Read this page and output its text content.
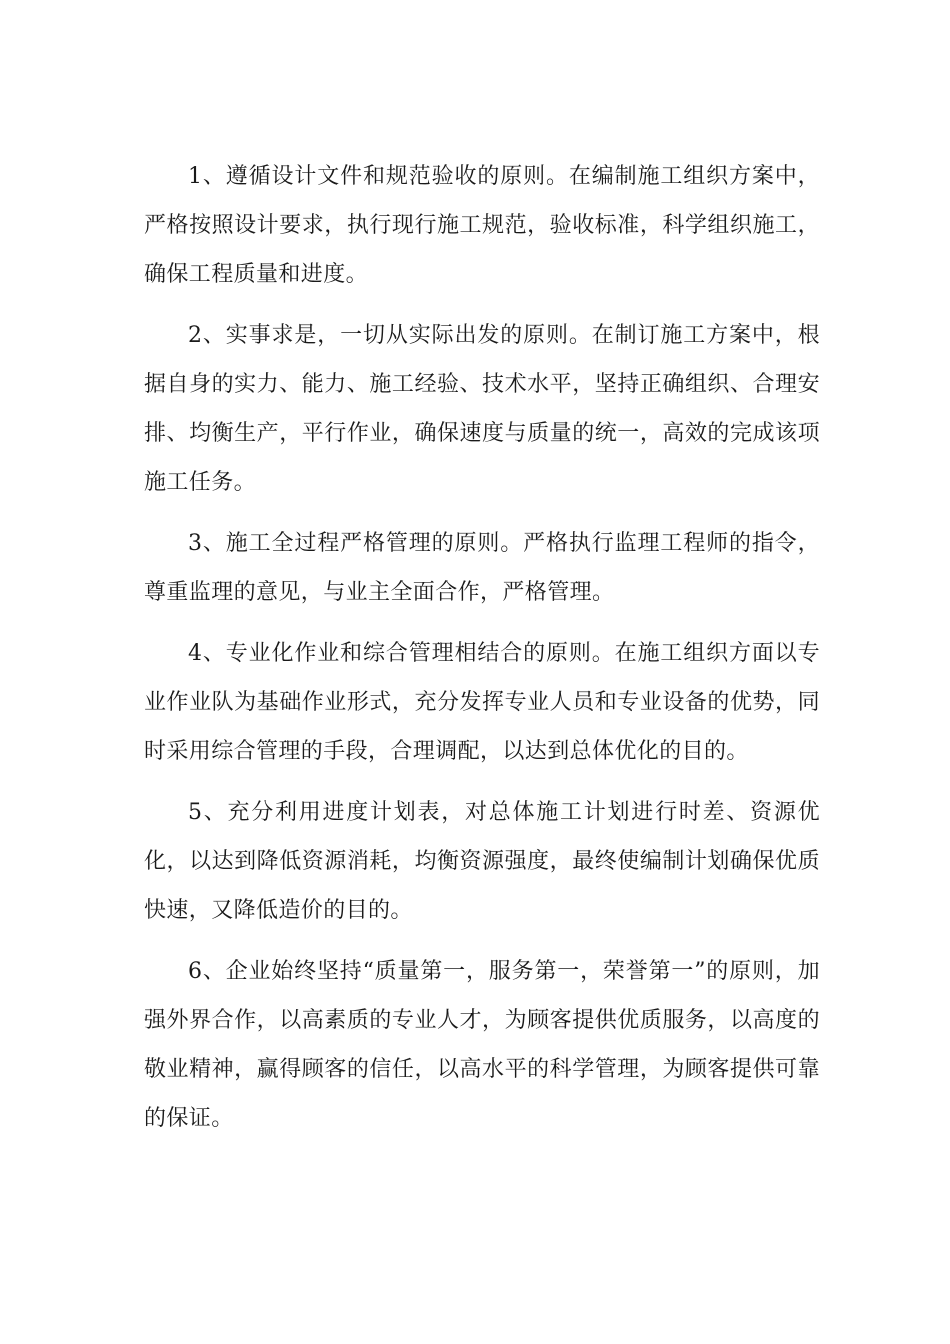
1、遵循设计文件和规范验收的原则。在编制施工组织方案中，严格按照设计要求，执行现行施工规范，验收标准，科学组织施工，确保工程质量和进度。

2、实事求是，一切从实际出发的原则。在制订施工方案中，根据自身的实力、能力、施工经验、技术水平，坚持正确组织、合理安排、均衡生产，平行作业，确保速度与质量的统一，高效的完成该项施工任务。

3、施工全过程严格管理的原则。严格执行监理工程师的指令，尊重监理的意见，与业主全面合作，严格管理。

4、专业化作业和综合管理相结合的原则。在施工组织方面以专业作业队为基础作业形式，充分发挥专业人员和专业设备的优势，同时采用综合管理的手段，合理调配，以达到总体优化的目的。

5、充分利用进度计划表，对总体施工计划进行时差、资源优化，以达到降低资源消耗，均衡资源强度，最终使编制计划确保优质快速，又降低造价的目的。

6、企业始终坚持“质量第一，服务第一，荣誉第一”的原则，加强外界合作，以高素质的专业人才，为顾客提供优质服务，以高度的敬业精神，赢得顾客的信任，以高水平的科学管理，为顾客提供可靠的保证。
